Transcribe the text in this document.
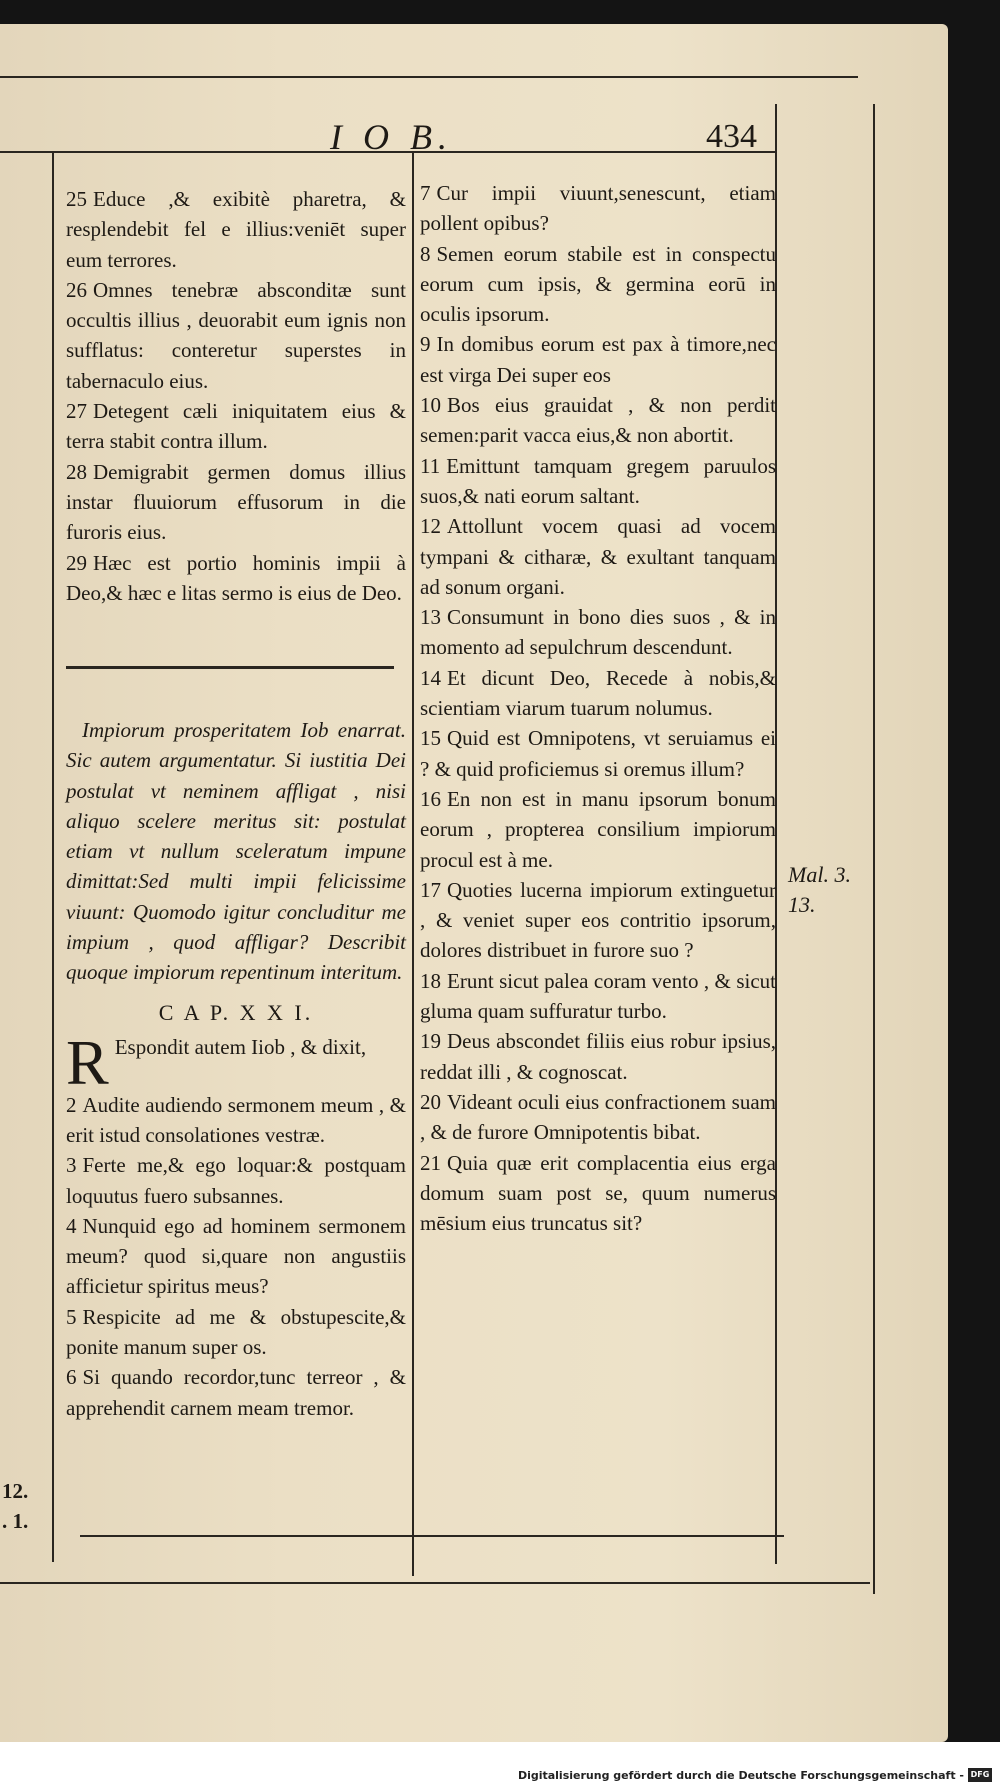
I O B.	434

25 Educe ,& exibitè pharetra, & resplendebit fel e illius:veniēt super eum terrores.

26 Omnes tenebræ absconditæ sunt occultis illius , deuorabit eum ignis non sufflatus: conteretur superstes in tabernaculo eius.

27 Detegent cæli iniquitatem eius & terra stabit contra illum.

28 Demigrabit germen domus illius instar fluuiorum effusorum in die furoris eius.

29 Hæc est portio hominis impii à Deo,& hæc e litas sermo is eius de Deo.

Impiorum prosperitatem Iob enarrat. Sic autem argumentatur. Si iustitia Dei postulat vt neminem affligat , nisi aliquo scelere meritus sit: postulat etiam vt nullum sceleratum impune dimittat:Sed multi impii felicissime viuunt: Quomodo igitur concluditur me impium , quod affligar? Describit quoque impiorum repentinum interitum.
C A P. X X I.

R Espondit autem Iiob , & dixit,

2 Audite audiendo sermonem meum , & erit istud consolationes vestræ.

3 Ferte me,& ego loquar:& postquam loquutus fuero subsannes.

4 Nunquid ego ad hominem sermonem meum? quod si,quare non angustiis afficietur spiritus meus?

5 Respicite ad me & obstupescite,& ponite manum super os.

6 Si quando recordor,tunc terreor , & apprehendit carnem meam tremor.

7 Cur impii viuunt,senescunt, etiam pollent opibus?

8 Semen eorum stabile est in conspectu eorum cum ipsis, & germina eorū in oculis ipsorum.

9 In domibus eorum est pax à timore,nec est virga Dei super eos

10 Bos eius grauidat , & non perdit semen:parit vacca eius,& non abortit.

11 Emittunt tamquam gregem paruulos suos,& nati eorum saltant.

12 Attollunt vocem quasi ad vocem tympani & citharæ, & exultant tanquam ad sonum organi.

13 Consumunt in bono dies suos , & in momento ad sepulchrum descendunt.

14 Et dicunt Deo, Recede à nobis,& scientiam viarum tuarum nolumus.

15 Quid est Omnipotens, vt seruiamus ei ? & quid proficiemus si oremus illum?

16 En non est in manu ipsorum bonum eorum , propterea consilium impiorum procul est à me.

17 Quoties lucerna impiorum extinguetur , & veniet super eos contritio ipsorum, dolores distribuet in furore suo ?

18 Erunt sicut palea coram vento , & sicut gluma quam suffuratur turbo.

19 Deus abscondet filiis eius robur ipsius, reddat illi , & cognoscat.

20 Videant oculi eius confractionem suam , & de furore Omnipotentis bibat.

21 Quia quæ erit complacentia eius erga domum suam post se, quum numerus mēsium eius truncatus sit?

Mal. 3.
13.
12.
. 1.
Digitalisierung gefördert durch die Deutsche Forschungsgemeinschaft - DFG
